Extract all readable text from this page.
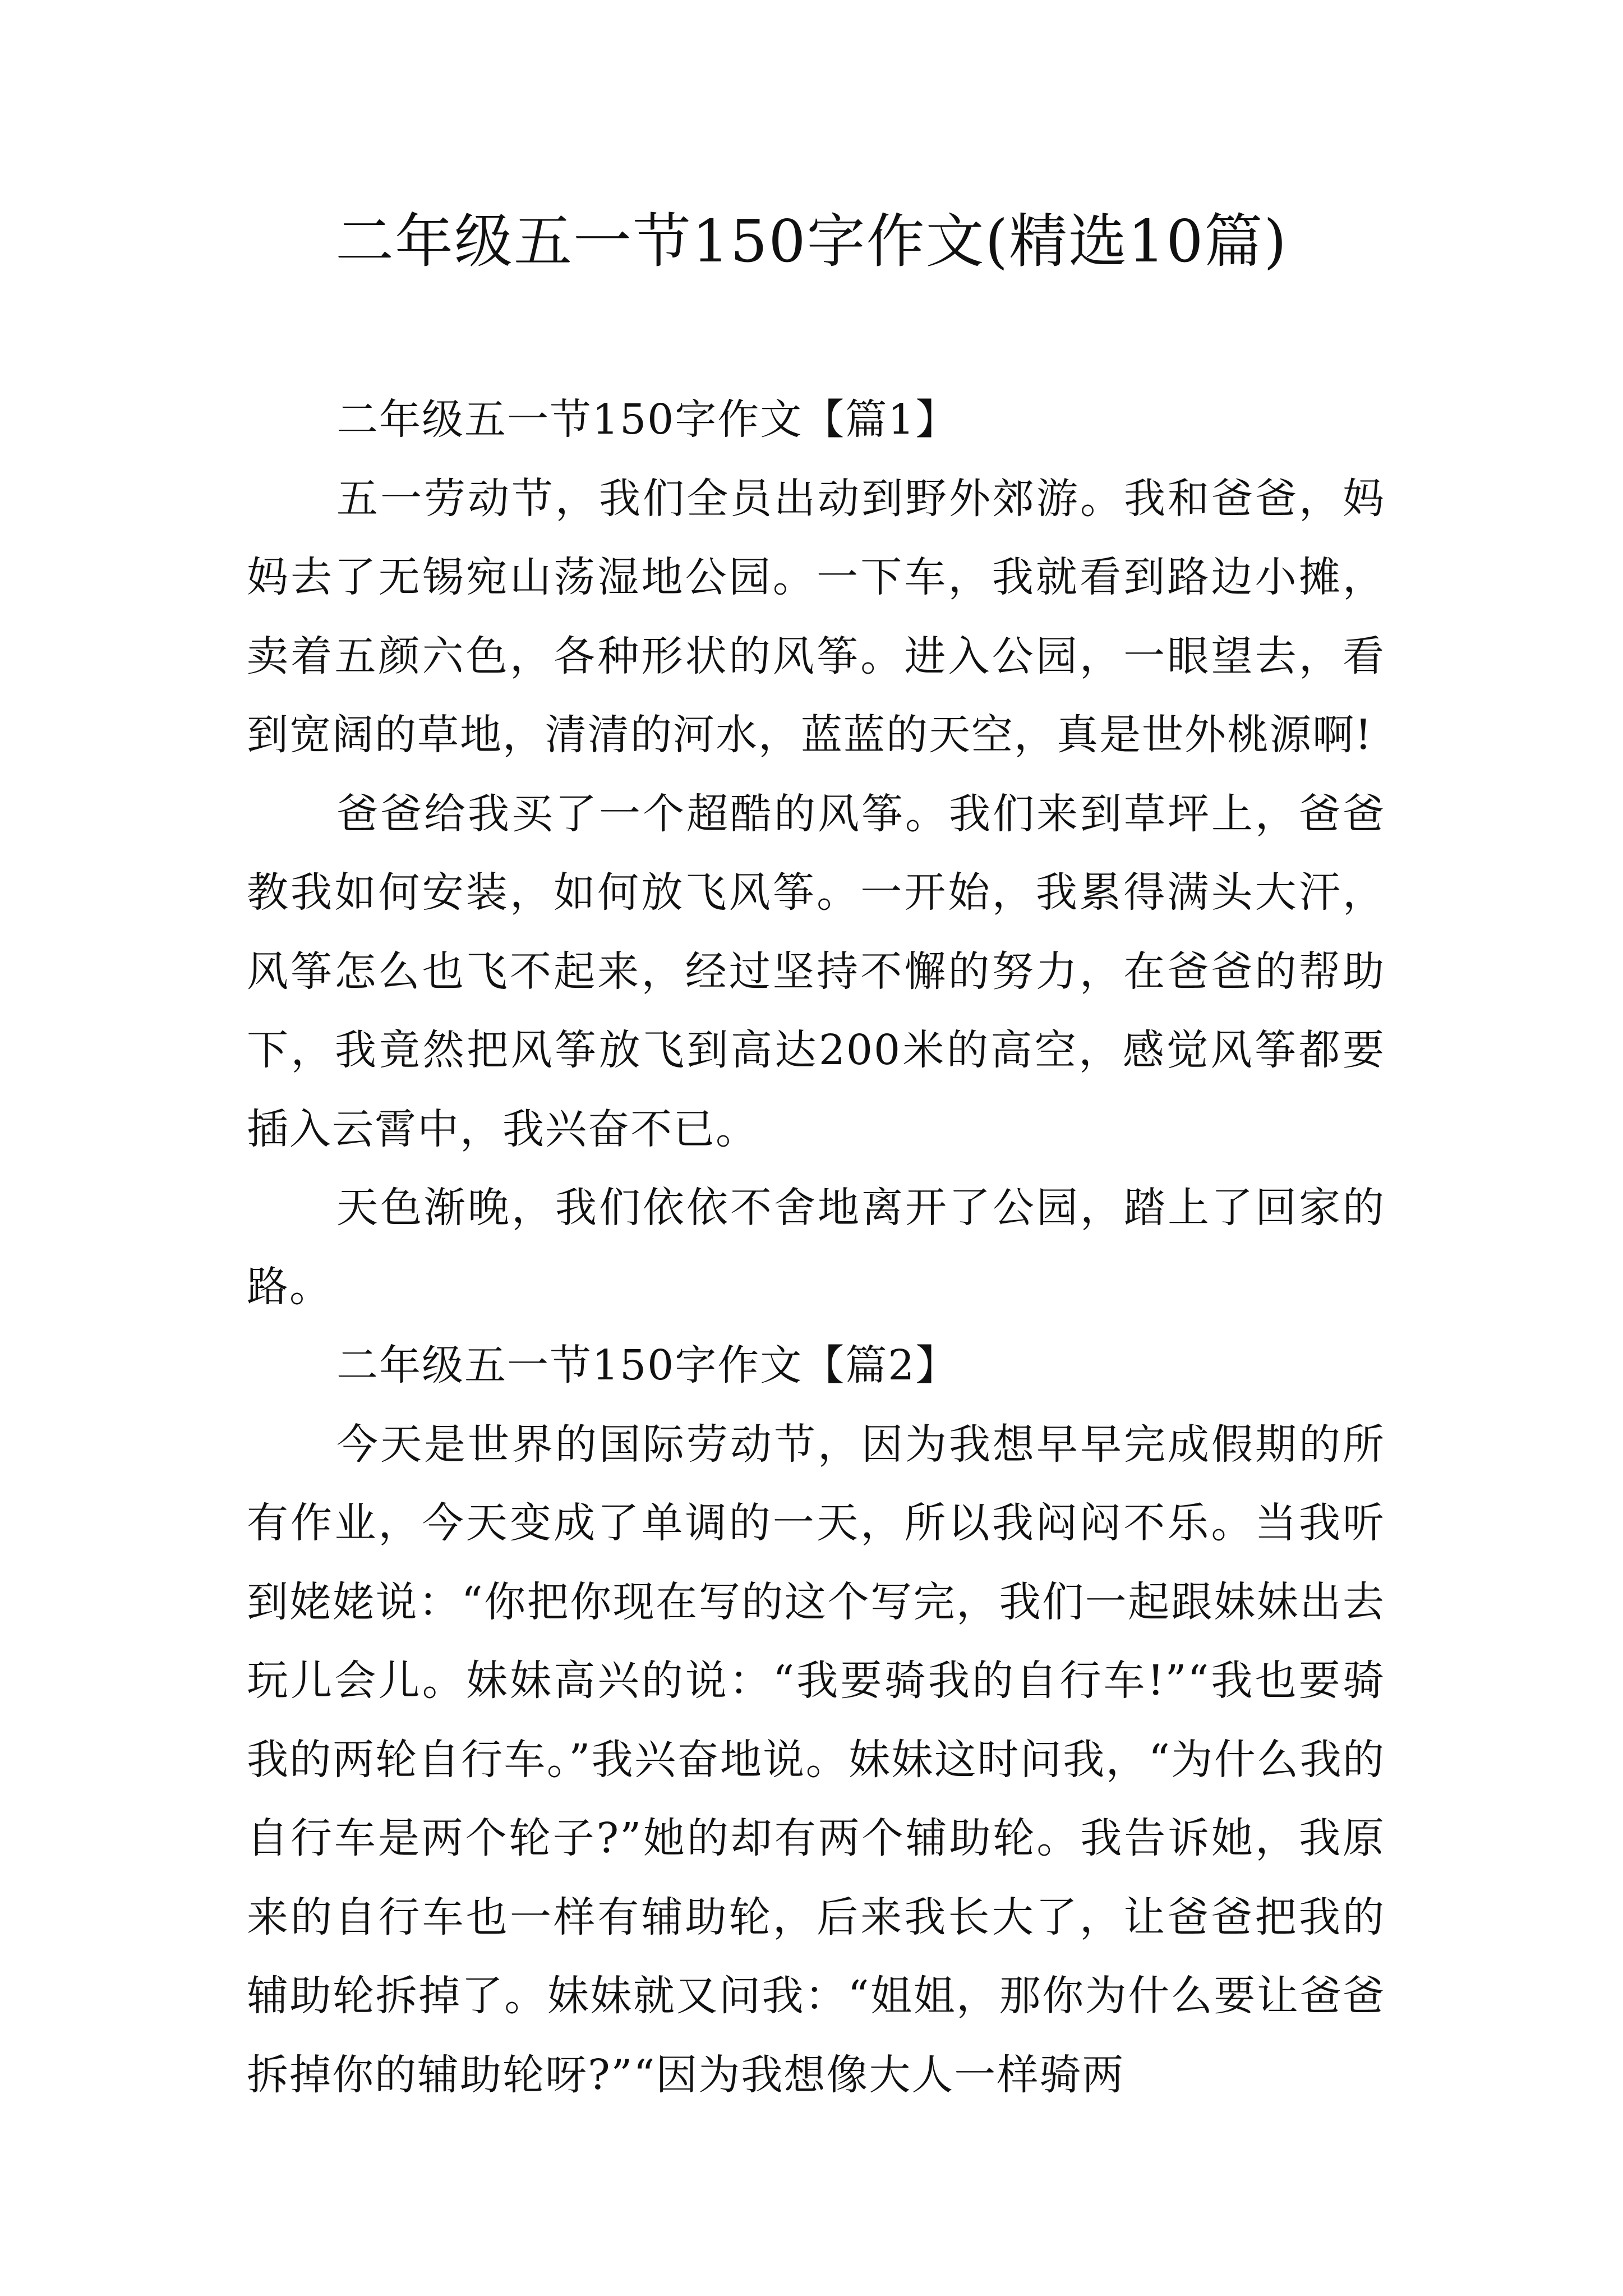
二年级五一节150字作文(精选10篇)

二年级五一节150字作文【篇1】

五一劳动节，我们全员出动到野外郊游。我和爸爸，妈妈去了无锡宛山荡湿地公园。一下车，我就看到路边小摊，卖着五颜六色，各种形状的风筝。进入公园，一眼望去，看到宽阔的草地，清清的河水，蓝蓝的天空，真是世外桃源啊!

爸爸给我买了一个超酷的风筝。我们来到草坪上，爸爸教我如何安装，如何放飞风筝。一开始，我累得满头大汗，风筝怎么也飞不起来，经过坚持不懈的努力，在爸爸的帮助下，我竟然把风筝放飞到高达200米的高空，感觉风筝都要插入云霄中，我兴奋不已。

天色渐晚，我们依依不舍地离开了公园，踏上了回家的路。

二年级五一节150字作文【篇2】

今天是世界的国际劳动节，因为我想早早完成假期的所有作业，今天变成了单调的一天，所以我闷闷不乐。当我听到姥姥说：“你把你现在写的这个写完，我们一起跟妹妹出去玩儿会儿。妹妹高兴的说：“我要骑我的自行车!”“我也要骑我的两轮自行车。”我兴奋地说。妹妹这时问我，“为什么我的自行车是两个轮子?”她的却有两个辅助轮。我告诉她，我原来的自行车也一样有辅助轮，后来我长大了，让爸爸把我的辅助轮拆掉了。妹妹就又问我：“姐姐，那你为什么要让爸爸拆掉你的辅助轮呀?”“因为我想像大人一样骑两
